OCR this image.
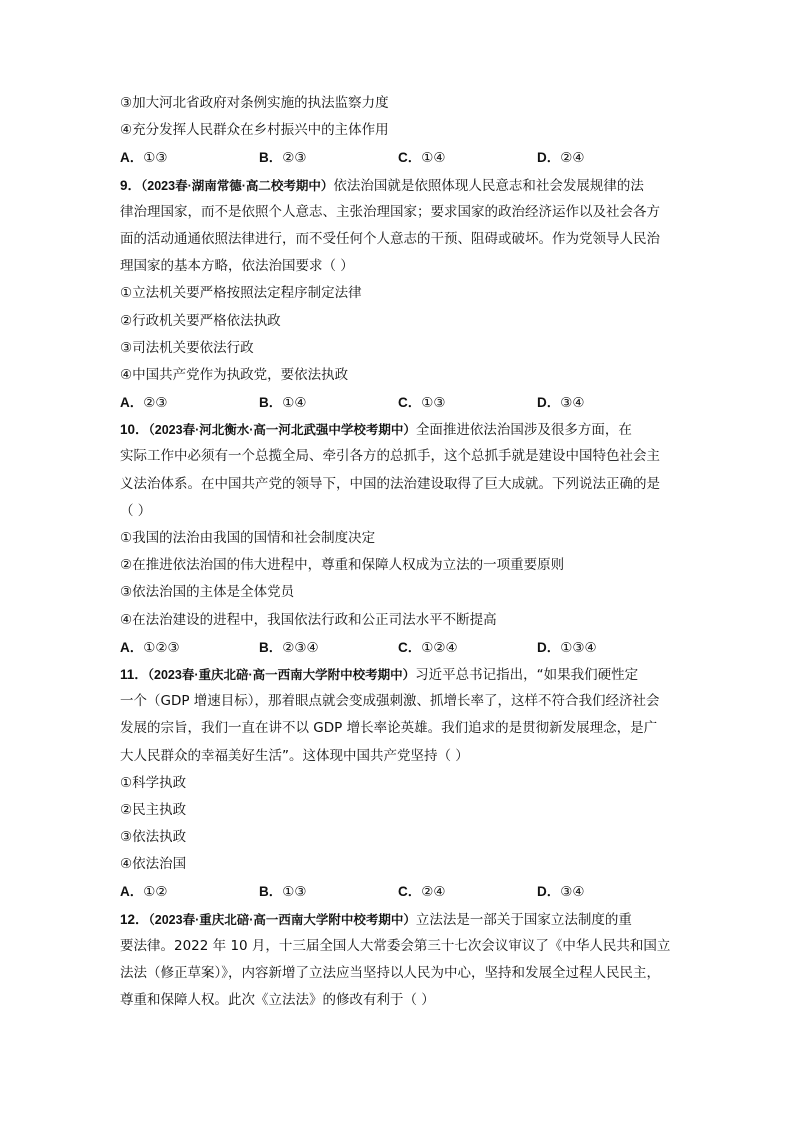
③加大河北省政府对条例实施的执法监察力度
④充分发挥人民群众在乡村振兴中的主体作用
A．①③	B．②③	C．①④	D．②④
9．（2023春·湖南常德·高二校考期中）依法治国就是依照体现人民意志和社会发展规律的法
律治理国家，而不是依照个人意志、主张治理国家；要求国家的政治经济运作以及社会各方
面的活动通通依照法律进行，而不受任何个人意志的干预、阻碍或破坏。作为党领导人民治
理国家的基本方略，依法治国要求（ ）
①立法机关要严格按照法定程序制定法律
②行政机关要严格依法执政
③司法机关要依法行政
④中国共产党作为执政党，要依法执政
A．②③	B．①④	C．①③	D．③④
10．（2023春·河北衡水·高一河北武强中学校考期中）全面推进依法治国涉及很多方面，在
实际工作中必须有一个总揽全局、牵引各方的总抓手，这个总抓手就是建设中国特色社会主
义法治体系。在中国共产党的领导下，中国的法治建设取得了巨大成就。下列说法正确的是
（ ）
①我国的法治由我国的国情和社会制度决定
②在推进依法治国的伟大进程中，尊重和保障人权成为立法的一项重要原则
③依法治国的主体是全体党员
④在法治建设的进程中，我国依法行政和公正司法水平不断提高
A．①②③	B．②③④	C．①②④	D．①③④
11．（2023春·重庆北碚·高一西南大学附中校考期中）习近平总书记指出，“如果我们硬性定
一个（GDP 增速目标），那着眼点就会变成强刺激、抓增长率了，这样不符合我们经济社会
发展的宗旨，我们一直在讲不以 GDP 增长率论英雄。我们追求的是贯彻新发展理念，是广
大人民群众的幸福美好生活”。这体现中国共产党坚持（ ）
①科学执政
②民主执政
③依法执政
④依法治国
A．①②	B．①③	C．②④	D．③④
12．（2023春·重庆北碚·高一西南大学附中校考期中）立法法是一部关于国家立法制度的重
要法律。2022 年 10 月，十三届全国人大常委会第三十七次会议审议了《中华人民共和国立
法法（修正草案）》，内容新增了立法应当坚持以人民为中心，坚持和发展全过程人民民主，
尊重和保障人权。此次《立法法》的修改有利于（ ）
